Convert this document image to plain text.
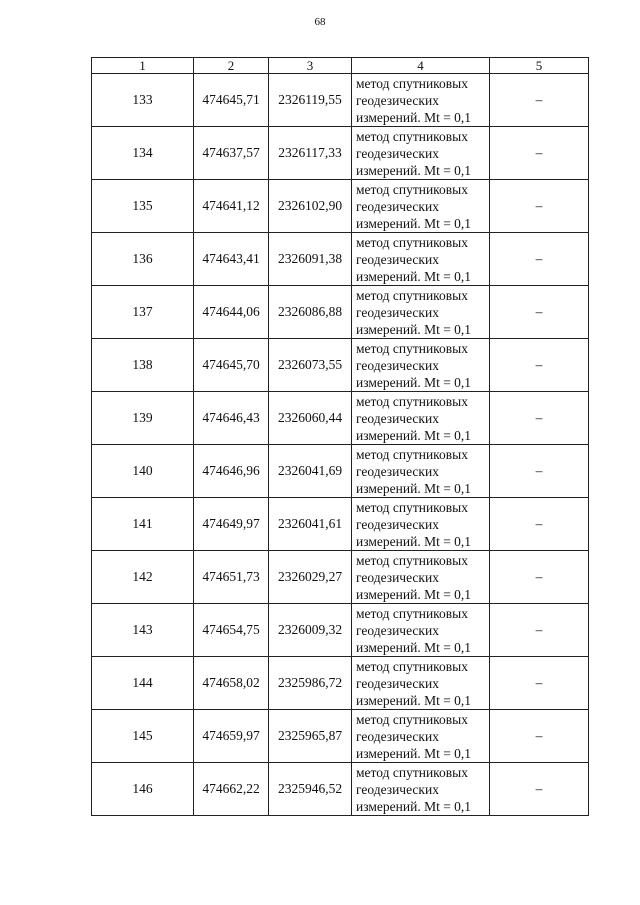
68
1	2	3	4	5
133	474645,71	2326119,55	метод спутниковых
геодезических
измерений. Mt = 0,1	–
134	474637,57	2326117,33	метод спутниковых
геодезических
измерений. Mt = 0,1	–
135	474641,12	2326102,90	метод спутниковых
геодезических
измерений. Mt = 0,1	–
136	474643,41	2326091,38	метод спутниковых
геодезических
измерений. Mt = 0,1	–
137	474644,06	2326086,88	метод спутниковых
геодезических
измерений. Mt = 0,1	–
138	474645,70	2326073,55	метод спутниковых
геодезических
измерений. Mt = 0,1	–
139	474646,43	2326060,44	метод спутниковых
геодезических
измерений. Mt = 0,1	–
140	474646,96	2326041,69	метод спутниковых
геодезических
измерений. Mt = 0,1	–
141	474649,97	2326041,61	метод спутниковых
геодезических
измерений. Mt = 0,1	–
142	474651,73	2326029,27	метод спутниковых
геодезических
измерений. Mt = 0,1	–
143	474654,75	2326009,32	метод спутниковых
геодезических
измерений. Mt = 0,1	–
144	474658,02	2325986,72	метод спутниковых
геодезических
измерений. Mt = 0,1	–
145	474659,97	2325965,87	метод спутниковых
геодезических
измерений. Mt = 0,1	–
146	474662,22	2325946,52	метод спутниковых
геодезических
измерений. Mt = 0,1	–
